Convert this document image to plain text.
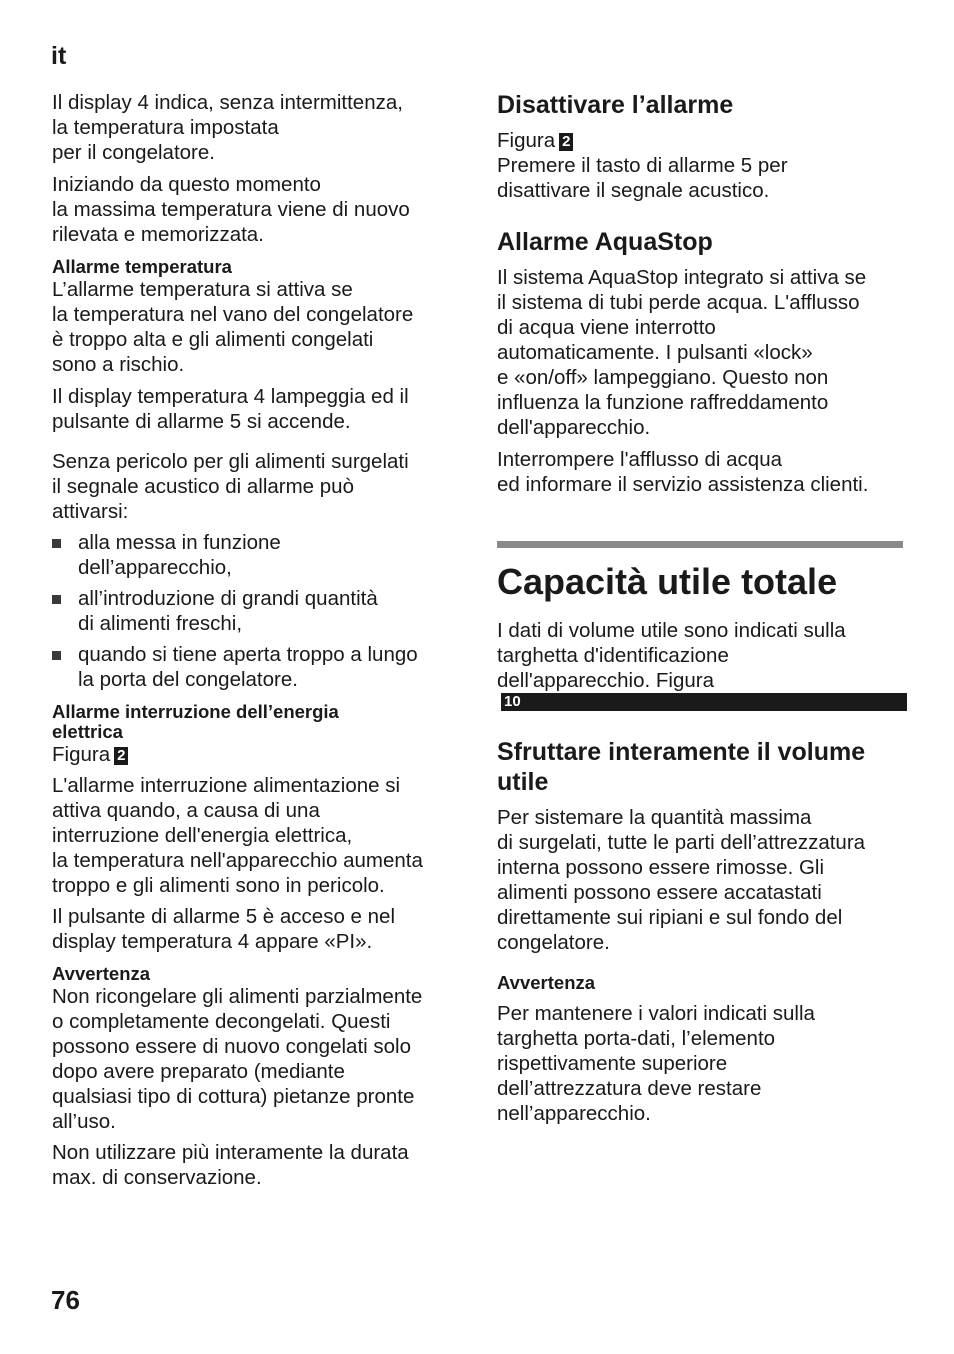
it

Il display 4 indica, senza intermittenza,
la temperatura impostata
per il congelatore.

Iniziando da questo momento
la massima temperatura viene di nuovo
rilevata e memorizzata.

Allarme temperatura

L’allarme temperatura si attiva se
la temperatura nel vano del congelatore
è troppo alta e gli alimenti congelati
sono a rischio.

Il display temperatura 4 lampeggia ed il
pulsante di allarme 5 si accende.

Senza pericolo per gli alimenti surgelati
il segnale acustico di allarme può
attivarsi:

alla messa in funzione
dell’apparecchio,
all’introduzione di grandi quantità
di alimenti freschi,
quando si tiene aperta troppo a lungo
la porta del congelatore.
Allarme interruzione dell’energia
elettrica

Figura 2

L'allarme interruzione alimentazione si
attiva quando, a causa di una
interruzione dell'energia elettrica,
la temperatura nell'apparecchio aumenta
troppo e gli alimenti sono in pericolo.

Il pulsante di allarme 5 è acceso e nel
display temperatura 4 appare «PI».

Avvertenza

Non ricongelare gli alimenti parzialmente
o completamente decongelati. Questi
possono essere di nuovo congelati solo
dopo avere preparato (mediante
qualsiasi tipo di cottura) pietanze pronte
all’uso.

Non utilizzare più interamente la durata
max. di conservazione.

Disattivare l’allarme

Figura 2

Premere il tasto di allarme 5 per
disattivare il segnale acustico.

Allarme AquaStop

Il sistema AquaStop integrato si attiva se
il sistema di tubi perde acqua. L'afflusso
di acqua viene interrotto
automaticamente. I pulsanti «lock»
e «on/off» lampeggiano. Questo non
influenza la funzione raffreddamento
dell'apparecchio.

Interrompere l'afflusso di acqua
ed informare il servizio assistenza clienti.

Capacità utile totale

I dati di volume utile sono indicati sulla
targhetta d'identificazione
dell'apparecchio. Figura
10

Sfruttare interamente il volume
utile

Per sistemare la quantità massima
di surgelati, tutte le parti dell’attrezzatura
interna possono essere rimosse. Gli
alimenti possono essere accatastati
direttamente sui ripiani e sul fondo del
congelatore.

Avvertenza

Per mantenere i valori indicati sulla
targhetta porta-dati, l’elemento
rispettivamente superiore
dell’attrezzatura deve restare
nell’apparecchio.

76
